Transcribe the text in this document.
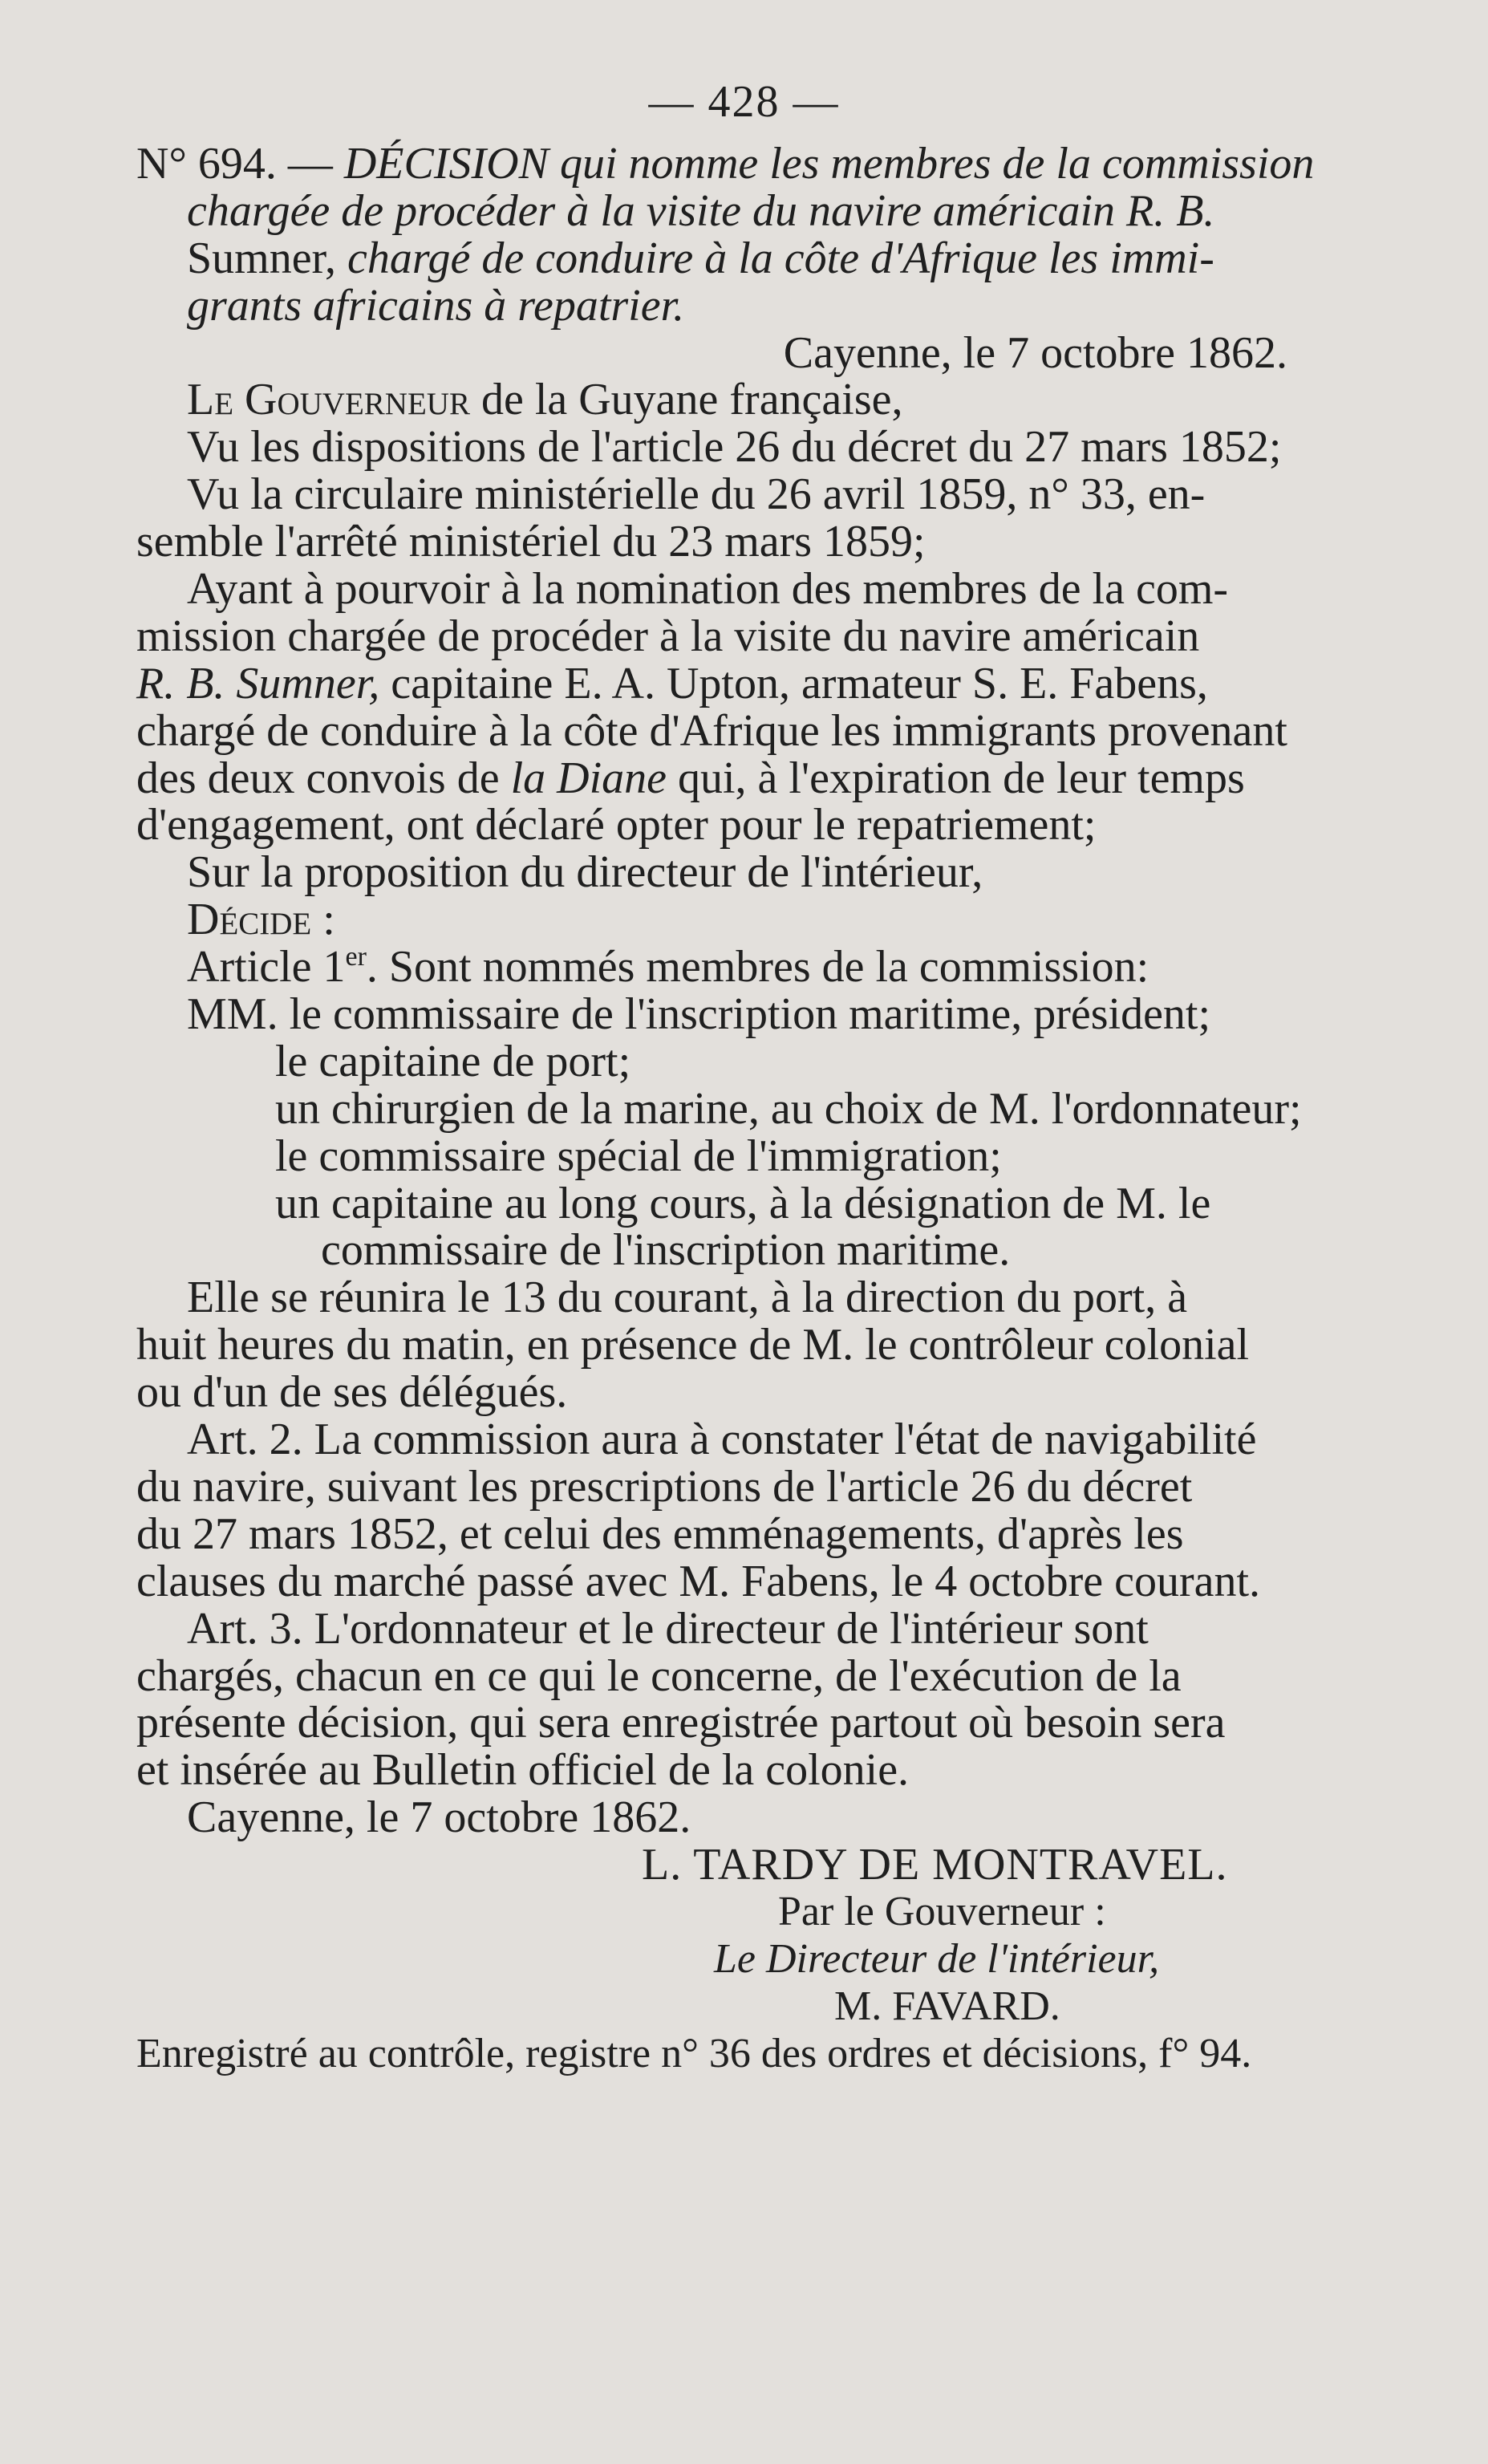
— 428 —
N° 694. — DÉCISION qui nomme les membres de la commission
chargée de procéder à la visite du navire américain R. B.
Sumner, chargé de conduire à la côte d'Afrique les immi-
grants africains à repatrier.
Cayenne, le 7 octobre 1862.
Le Gouverneur de la Guyane française,
Vu les dispositions de l'article 26 du décret du 27 mars 1852;
Vu la circulaire ministérielle du 26 avril 1859, n° 33, en-
semble l'arrêté ministériel du 23 mars 1859;
Ayant à pourvoir à la nomination des membres de la com-
mission chargée de procéder à la visite du navire américain
R. B. Sumner, capitaine E. A. Upton, armateur S. E. Fabens,
chargé de conduire à la côte d'Afrique les immigrants provenant
des deux convois de la Diane qui, à l'expiration de leur temps
d'engagement, ont déclaré opter pour le repatriement;
Sur la proposition du directeur de l'intérieur,
Décide :
Article 1er. Sont nommés membres de la commission:
MM. le commissaire de l'inscription maritime, président;
le capitaine de port;
un chirurgien de la marine, au choix de M. l'ordonnateur;
le commissaire spécial de l'immigration;
un capitaine au long cours, à la désignation de M. le
commissaire de l'inscription maritime.
Elle se réunira le 13 du courant, à la direction du port, à
huit heures du matin, en présence de M. le contrôleur colonial
ou d'un de ses délégués.
Art. 2. La commission aura à constater l'état de navigabilité
du navire, suivant les prescriptions de l'article 26 du décret
du 27 mars 1852, et celui des emménagements, d'après les
clauses du marché passé avec M. Fabens, le 4 octobre courant.
Art. 3. L'ordonnateur et le directeur de l'intérieur sont
chargés, chacun en ce qui le concerne, de l'exécution de la
présente décision, qui sera enregistrée partout où besoin sera
et insérée au Bulletin officiel de la colonie.
Cayenne, le 7 octobre 1862.
L. TARDY DE MONTRAVEL.
Par le Gouverneur :
Le Directeur de l'intérieur,
M. FAVARD.
Enregistré au contrôle, registre n° 36 des ordres et décisions, f° 94.
